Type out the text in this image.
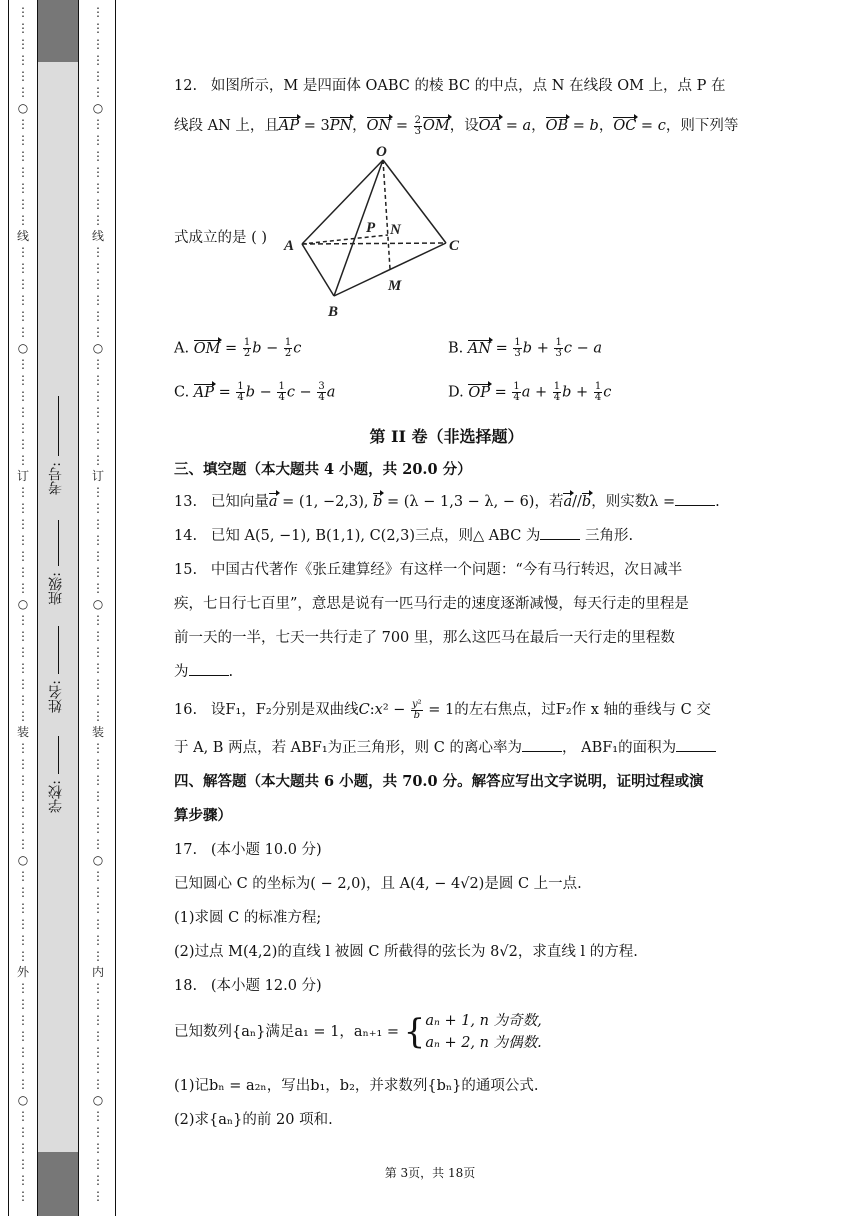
⋮
⋮
⋮
⋮
⋮
⋮
○
⋮
⋮
⋮
⋮
⋮
⋮
⋮
线
⋮
⋮
⋮
⋮
⋮
⋮
○
⋮
⋮
⋮
⋮
⋮
⋮
⋮
订
⋮
⋮
⋮
⋮
⋮
⋮
⋮
○
⋮
⋮
⋮
⋮
⋮
⋮
⋮
装
⋮
⋮
⋮
⋮
⋮
⋮
⋮
○
⋮
⋮
⋮
⋮
⋮
⋮
外
⋮
⋮
⋮
⋮
⋮
⋮
⋮
○
⋮
⋮
⋮
⋮
⋮
⋮
⋮
⋮
⋮
⋮
⋮
⋮
○
⋮
⋮
⋮
⋮
⋮
⋮
⋮
线
⋮
⋮
⋮
⋮
⋮
⋮
○
⋮
⋮
⋮
⋮
⋮
⋮
⋮
订
⋮
⋮
⋮
⋮
⋮
⋮
⋮
○
⋮
⋮
⋮
⋮
⋮
⋮
⋮
装
⋮
⋮
⋮
⋮
⋮
⋮
⋮
○
⋮
⋮
⋮
⋮
⋮
⋮
内
⋮
⋮
⋮
⋮
⋮
⋮
⋮
○
⋮
⋮
⋮
⋮
⋮
⋮
考号:
班级:
姓名:
学校:
12. 如图所示，M 是四面体 OABC 的棱 BC 的中点，点 N 在线段 OM 上，点 P 在
线段 AN 上，且AP = 3PN，ON = $\frac{2}{3}$ OM，设OA = a，OB = b，OC = c，则下列等
O
A
B
C
M
N
P
式成立的是 ( )
A. OM = $\frac{1}{2}$ $b - \frac{1}{2}$ c	B. AN = $\frac{1}{3}$ $b + \frac{1}{3}$ c − a
C. AP = $\frac{1}{4}$ $b - \frac{1}{4}$ $c - \frac{3}{4}$ a	D. OP = $\frac{1}{4}$ $a + \frac{1}{4}$ $b + \frac{1}{4}$ c
第 II 卷（非选择题）
三、填空题（本大题共 4 小题，共 20.0 分）
13. 已知向量a = (1, −2,3), b = (λ − 1,3 − λ, − 6)，若a//b，则实数λ =	.
14. 已知 A(5, −1), B(1,1), C(2,3)三点，则△ ABC 为	三角形.
15. 中国古代著作《张丘建算经》有这样一个问题：“今有马行转迟，次日减半
疾，七日行七百里”，意思是说有一匹马行走的速度逐渐减慢，每天行走的里程是
前一天的一半，七天一共行走了 700 里，那么这匹马在最后一天行走的里程数
为	.
16. 设F₁，F₂分别是双曲线C:x² − $\frac{\text{y²}}{b} = 1$的左右焦点，过F₂作 x 轴的垂线与 C 交
于 A, B 两点，若 ABF₁为正三角形，则 C 的离心率为	， ABF₁的面积为
四、解答题（本大题共 6 小题，共 70.0 分。解答应写出文字说明，证明过程或演
算步骤）
17. (本小题 10.0 分)
已知圆心 C 的坐标为( − 2,0)，且 A(4, − 4√2)是圆 C 上一点.
(1)求圆 C 的标准方程;
(2)过点 M(4,2)的直线 l 被圆 C 所截得的弦长为 8√2，求直线 l 的方程.
18. (本小题 12.0 分)
已知数列{aₙ}满足a₁ = 1，aₙ₊₁ = { aₙ + 1, n 为奇数,
aₙ + 2, n 为偶数.
(1)记bₙ = a₂ₙ，写出b₁，b₂，并求数列{bₙ}的通项公式.
(2)求{aₙ}的前 20 项和.
第 3页，共 18页
